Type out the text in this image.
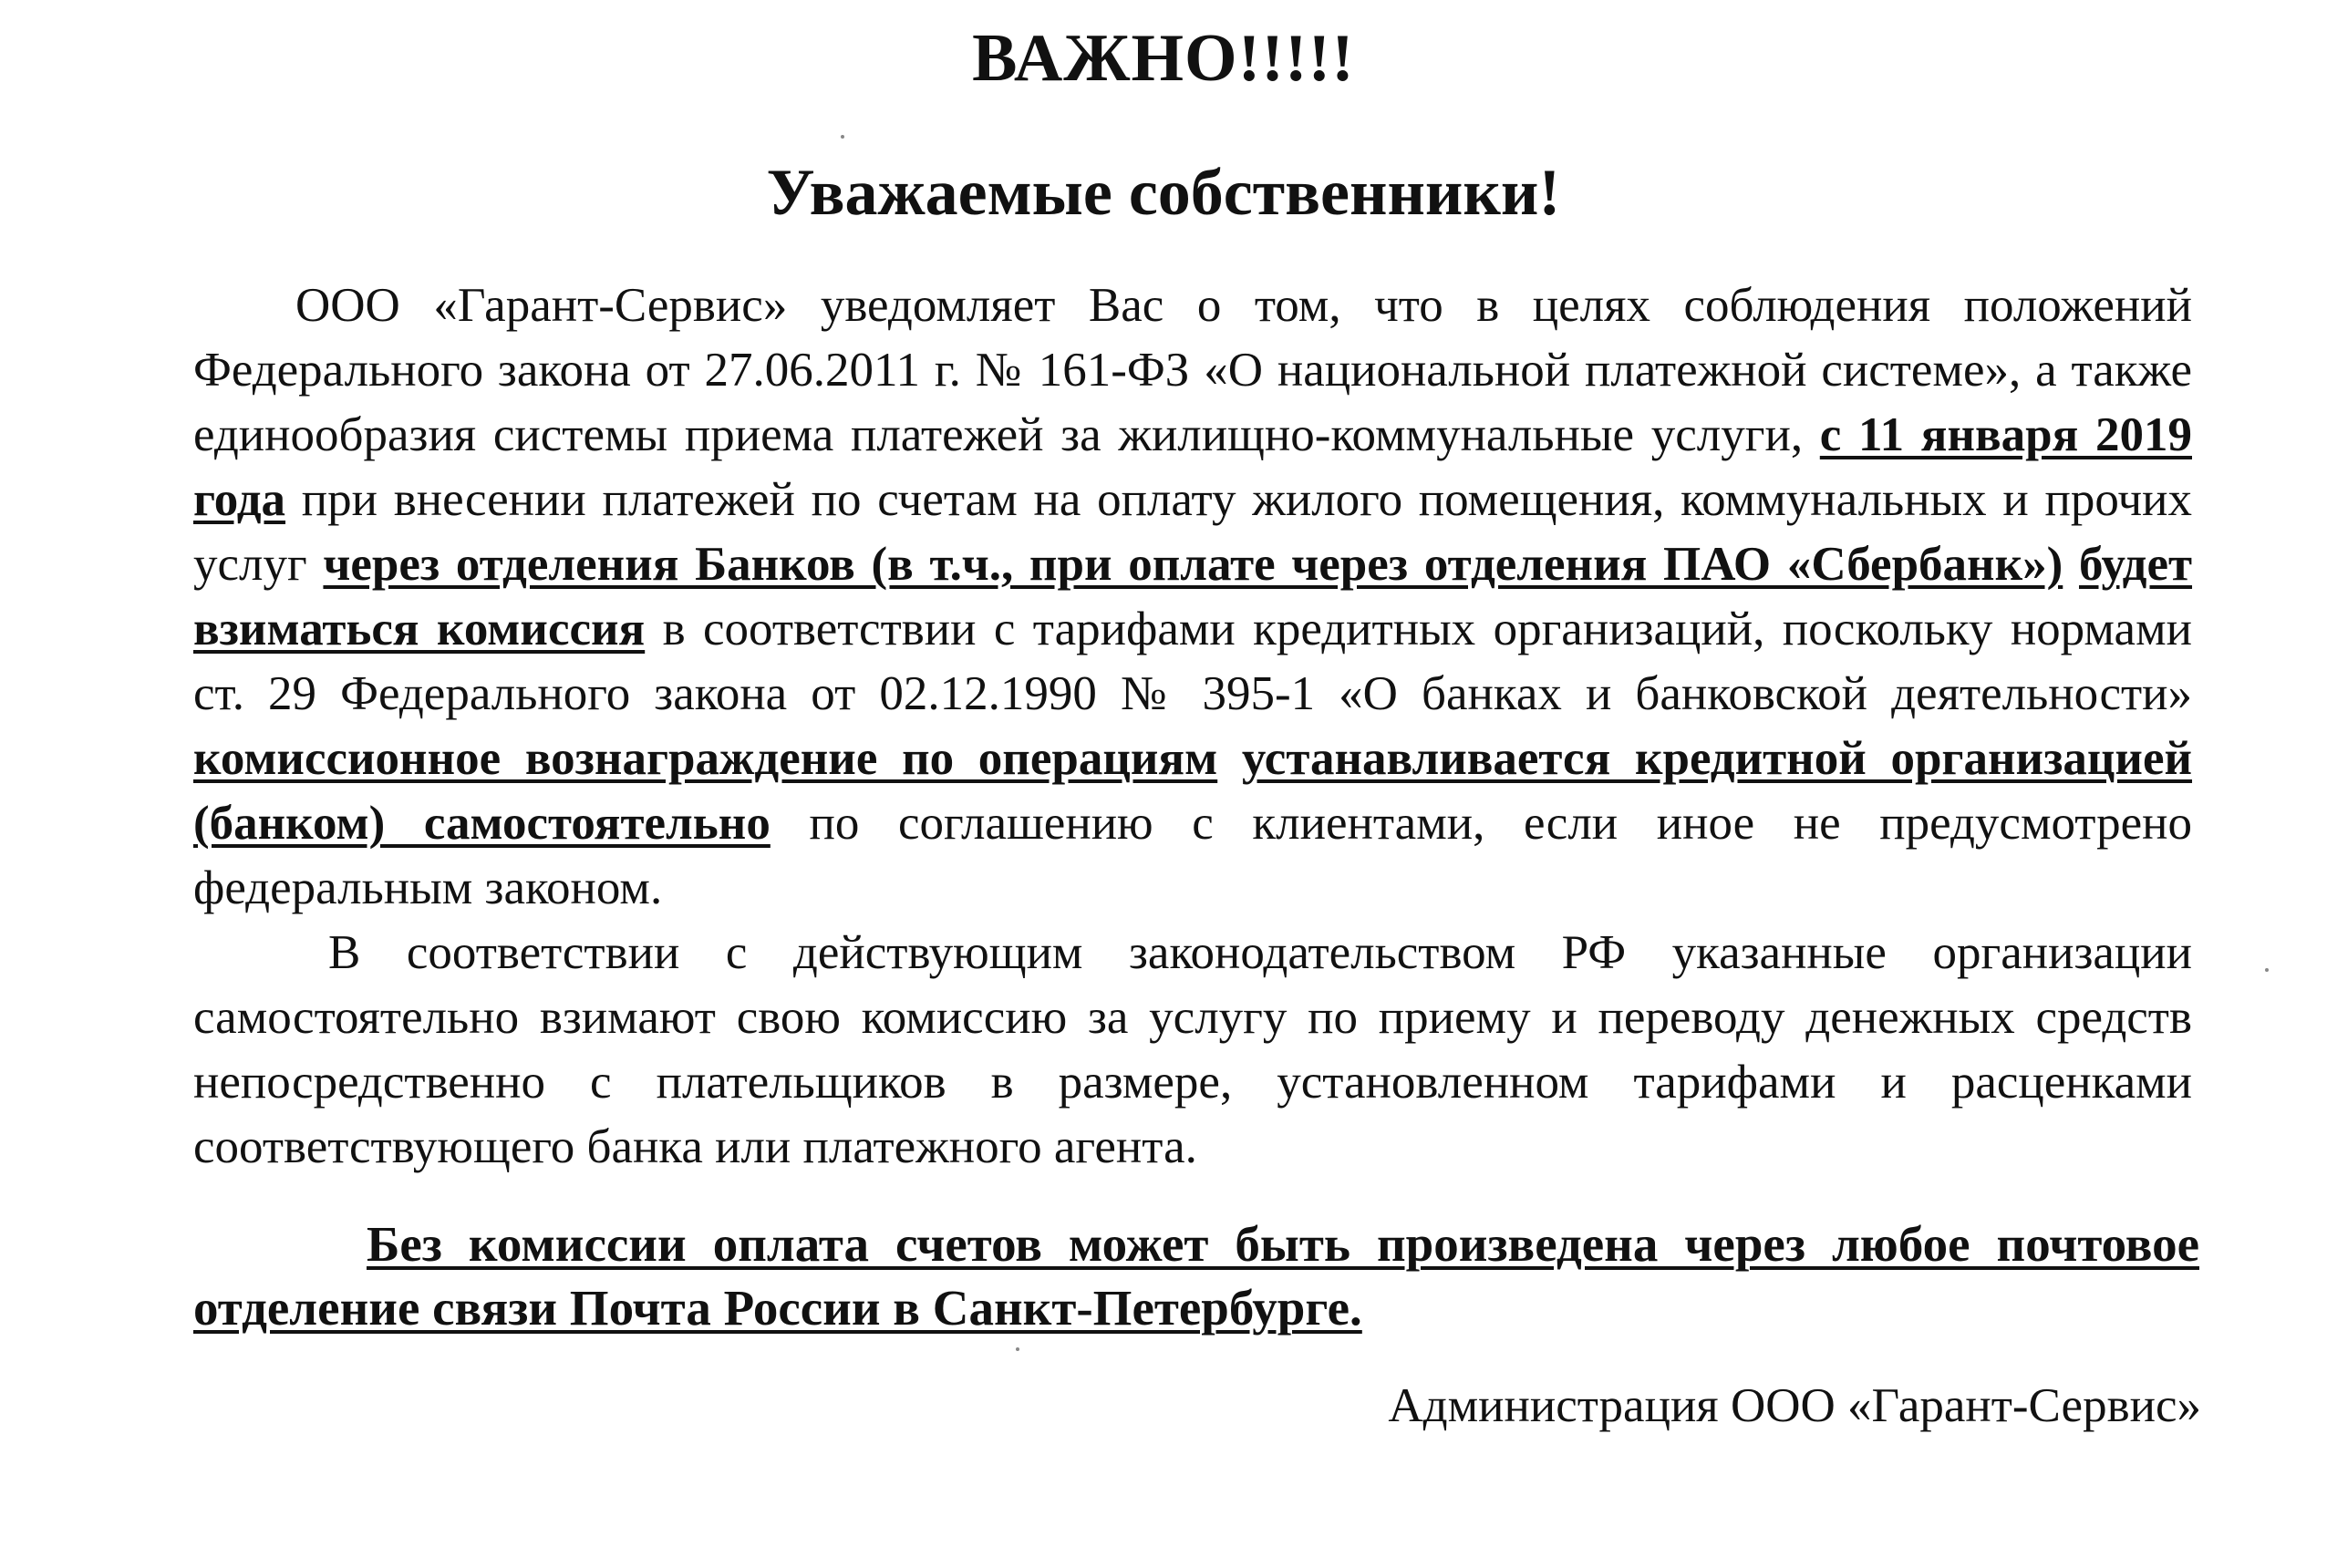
ВАЖНО!!!!!
Уважаемые собственники!

ООО «Гарант-Сервис» уведомляет Вас о том, что в целях соблюдения положений Федерального закона от 27.06.2011 г. № 161-ФЗ «О национальной платежной системе», а также единообразия системы приема платежей за жилищно-коммунальные услуги, с 11 января 2019 года при внесении платежей по счетам на оплату жилого помещения, коммунальных и прочих услуг через отделения Банков (в т.ч., при оплате через отделения ПАО «Сбербанк») будет взиматься комиссия в соответствии с тарифами кредитных организаций, поскольку нормами ст. 29 Федерального закона от 02.12.1990 № 395-1 «О банках и банковской деятельности» комиссионное вознаграждение по операциям устанавливается кредитной организацией (банком) самостоятельно по соглашению с клиентами, если иное не предусмотрено федеральным законом.

В соответствии с действующим законодательством РФ указанные организации самостоятельно взимают свою комиссию за услугу по приему и переводу денежных средств непосредственно с плательщиков в размере, установленном тарифами и расценками соответствующего банка или платежного агента.

Без комиссии оплата счетов может быть произведена через любое почтовое отделение связи Почта России в Санкт-Петербурге.
Администрация ООО «Гарант-Сервис»
